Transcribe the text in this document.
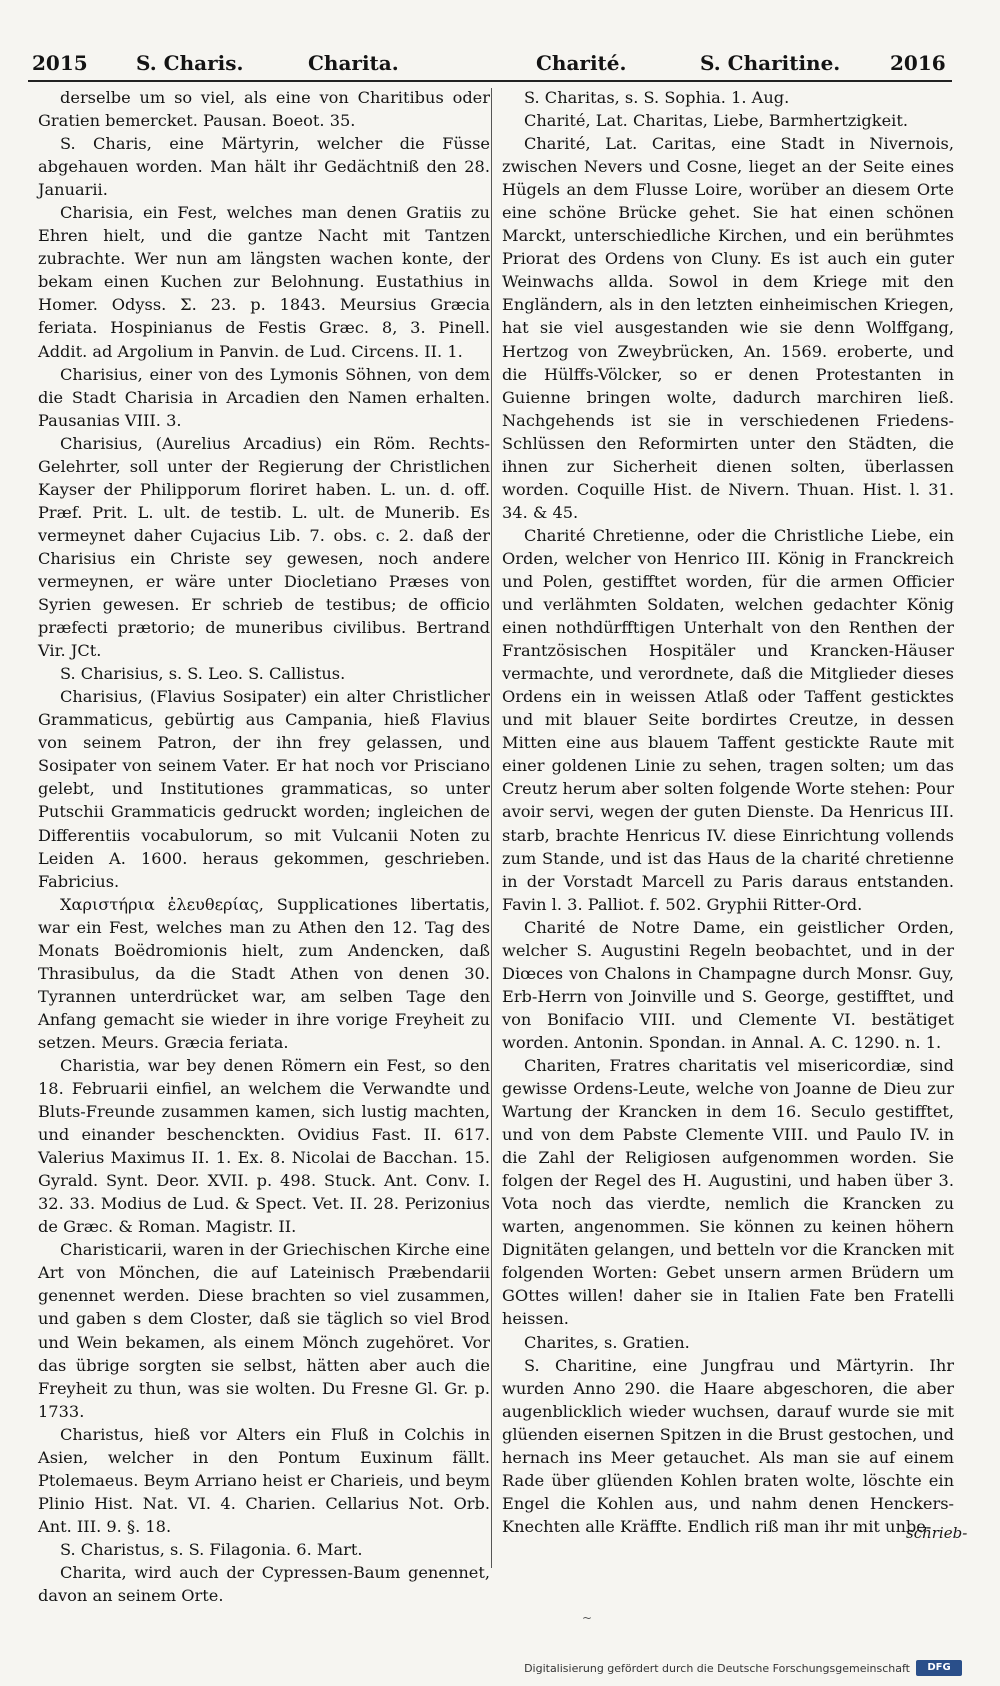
2015 S. Charis.	Charita.	Charité.	S. Charitine. 2016

derselbe um so viel, als eine von Charitibus oder Gratien bemercket. Pausan. Boeot. 35.

S. Charis, eine Märtyrin, welcher die Füsse abgehauen worden. Man hält ihr Gedächtniß den 28. Januarii.

Charisia, ein Fest, welches man denen Gratiis zu Ehren hielt, und die gantze Nacht mit Tantzen zubrachte. Wer nun am längsten wachen konte, der bekam einen Kuchen zur Belohnung. Eustathius in Homer. Odyss. Σ. 23. p. 1843. Meursius Græcia feriata. Hospinianus de Festis Græc. 8, 3. Pinell. Addit. ad Argolium in Panvin. de Lud. Circens. II. 1.

Charisius, einer von des Lymonis Söhnen, von dem die Stadt Charisia in Arcadien den Namen erhalten. Pausanias VIII. 3.

Charisius, (Aurelius Arcadius) ein Röm. Rechts-Gelehrter, soll unter der Regierung der Christlichen Kayser der Philipporum floriret haben. L. un. d. off. Præf. Prit. L. ult. de testib. L. ult. de Munerib. Es vermeynet daher Cujacius Lib. 7. obs. c. 2. daß der Charisius ein Christe sey gewesen, noch andere vermeynen, er wäre unter Diocletiano Præses von Syrien gewesen. Er schrieb de testibus; de officio præfecti prætorio; de muneribus civilibus. Bertrand Vir. JCt.

S. Charisius, s. S. Leo. S. Callistus.

Charisius, (Flavius Sosipater) ein alter Christlicher Grammaticus, gebürtig aus Campania, hieß Flavius von seinem Patron, der ihn frey gelassen, und Sosipater von seinem Vater. Er hat noch vor Prisciano gelebt, und Institutiones grammaticas, so unter Putschii Grammaticis gedruckt worden; ingleichen de Differentiis vocabulorum, so mit Vulcanii Noten zu Leiden A. 1600. heraus gekommen, geschrieben. Fabricius.

Χαριστήρια ἐλευθερίας, Supplicationes libertatis, war ein Fest, welches man zu Athen den 12. Tag des Monats Boëdromionis hielt, zum Andencken, daß Thrasibulus, da die Stadt Athen von denen 30. Tyrannen unterdrücket war, am selben Tage den Anfang gemacht sie wieder in ihre vorige Freyheit zu setzen. Meurs. Græcia feriata.

Charistia, war bey denen Römern ein Fest, so den 18. Februarii einfiel, an welchem die Verwandte und Bluts-Freunde zusammen kamen, sich lustig machten, und einander beschenckten. Ovidius Fast. II. 617. Valerius Maximus II. 1. Ex. 8. Nicolai de Bacchan. 15. Gyrald. Synt. Deor. XVII. p. 498. Stuck. Ant. Conv. I. 32. 33. Modius de Lud. & Spect. Vet. II. 28. Perizonius de Græc. & Roman. Magistr. II.

Charisticarii, waren in der Griechischen Kirche eine Art von Mönchen, die auf Lateinisch Præbendarii genennet werden. Diese brachten so viel zusammen, und gaben s dem Closter, daß sie täglich so viel Brod und Wein bekamen, als einem Mönch zugehöret. Vor das übrige sorgten sie selbst, hätten aber auch die Freyheit zu thun, was sie wolten. Du Fresne Gl. Gr. p. 1733.

Charistus, hieß vor Alters ein Fluß in Colchis in Asien, welcher in den Pontum Euxinum fällt. Ptolemaeus. Beym Arriano heist er Charieis, und beym Plinio Hist. Nat. VI. 4. Charien. Cellarius Not. Orb. Ant. III. 9. §. 18.

S. Charistus, s. S. Filagonia. 6. Mart.

Charita, wird auch der Cypressen-Baum genennet, davon an seinem Orte.

S. Charitas, s. S. Sophia. 1. Aug.

Charité, Lat. Charitas, Liebe, Barmhertzigkeit.

Charité, Lat. Caritas, eine Stadt in Nivernois, zwischen Nevers und Cosne, lieget an der Seite eines Hügels an dem Flusse Loire, worüber an diesem Orte eine schöne Brücke gehet. Sie hat einen schönen Marckt, unterschiedliche Kirchen, und ein berühmtes Priorat des Ordens von Cluny. Es ist auch ein guter Weinwachs allda. Sowol in dem Kriege mit den Engländern, als in den letzten einheimischen Kriegen, hat sie viel ausgestanden wie sie denn Wolffgang, Hertzog von Zweybrücken, An. 1569. eroberte, und die Hülffs-Völcker, so er denen Protestanten in Guienne bringen wolte, dadurch marchiren ließ. Nachgehends ist sie in verschiedenen Friedens-Schlüssen den Reformirten unter den Städten, die ihnen zur Sicherheit dienen solten, überlassen worden. Coquille Hist. de Nivern. Thuan. Hist. l. 31. 34. & 45.

Charité Chretienne, oder die Christliche Liebe, ein Orden, welcher von Henrico III. König in Franckreich und Polen, gestifftet worden, für die armen Officier und verlähmten Soldaten, welchen gedachter König einen nothdürfftigen Unterhalt von den Renthen der Frantzösischen Hospitäler und Krancken-Häuser vermachte, und verordnete, daß die Mitglieder dieses Ordens ein in weissen Atlaß oder Taffent gesticktes und mit blauer Seite bordirtes Creutze, in dessen Mitten eine aus blauem Taffent gestickte Raute mit einer goldenen Linie zu sehen, tragen solten; um das Creutz herum aber solten folgende Worte stehen: Pour avoir servi, wegen der guten Dienste. Da Henricus III. starb, brachte Henricus IV. diese Einrichtung vollends zum Stande, und ist das Haus de la charité chretienne in der Vorstadt Marcell zu Paris daraus entstanden. Favin l. 3. Palliot. f. 502. Gryphii Ritter-Ord.

Charité de Notre Dame, ein geistlicher Orden, welcher S. Augustini Regeln beobachtet, und in der Diœces von Chalons in Champagne durch Monsr. Guy, Erb-Herrn von Joinville und S. George, gestifftet, und von Bonifacio VIII. und Clemente VI. bestätiget worden. Antonin. Spondan. in Annal. A. C. 1290. n. 1.

Chariten, Fratres charitatis vel misericordiæ, sind gewisse Ordens-Leute, welche von Joanne de Dieu zur Wartung der Krancken in dem 16. Seculo gestifftet, und von dem Pabste Clemente VIII. und Paulo IV. in die Zahl der Religiosen aufgenommen worden. Sie folgen der Regel des H. Augustini, und haben über 3. Vota noch das vierdte, nemlich die Krancken zu warten, angenommen. Sie können zu keinen höhern Dignitäten gelangen, und betteln vor die Krancken mit folgenden Worten: Gebet unsern armen Brüdern um GOttes willen! daher sie in Italien Fate ben Fratelli heissen.

Charites, s. Gratien.

S. Charitine, eine Jungfrau und Märtyrin. Ihr wurden Anno 290. die Haare abgeschoren, die aber augenblicklich wieder wuchsen, darauf wurde sie mit glüenden eisernen Spitzen in die Brust gestochen, und hernach ins Meer getauchet. Als man sie auf einem Rade über glüenden Kohlen braten wolte, löschte ein Engel die Kohlen aus, und nahm denen Henckers-Knechten alle Kräffte. Endlich riß man ihr mit unbe-

schrieb-
~
Digitalisierung gefördert durch die Deutsche Forschungsgemeinschaft	DFG
